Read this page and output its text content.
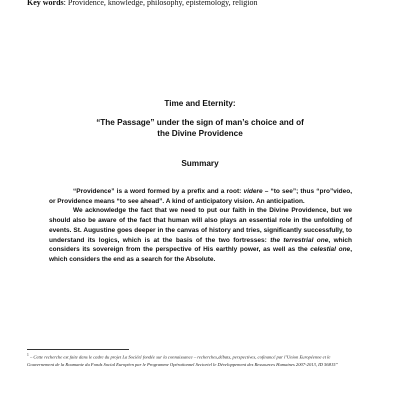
Key words: Providence, knowledge, philosophy, epistemology, religion
Time and Eternity:
“The Passage” under the sign of man’s choice and of the Divine Providence
Summary

“Providence” is a word formed by a prefix and a root: videre – “to see”; thus “pro”video, or Providence means “to see ahead”. A kind of anticipatory vision. An anticipation.

We acknowledge the fact that we need to put our faith in the Divine Providence, but we should also be aware of the fact that human will also plays an essential role in the unfolding of events. St. Augustine goes deeper in the canvas of history and tries, significantly successfully, to understand its logics, which is at the basis of the two fortresses: the terrestrial one, which considers its sovereign from the perspective of His earthly power, as well as the celestial one, which considers the end as a search for the Absolute.

$^1$ – Cette recherche est faite dans le cadre du projet La Société fondée sur la connaissance – recherches,débats, perspectives, cofinancé par l’Union Européenne et le Gouvernement de la Roumanie du Fonds Social Européen par le Programme Opérationnel Sectoriel le Développement des Ressources Humaines 2007-2013, ID 56815”
